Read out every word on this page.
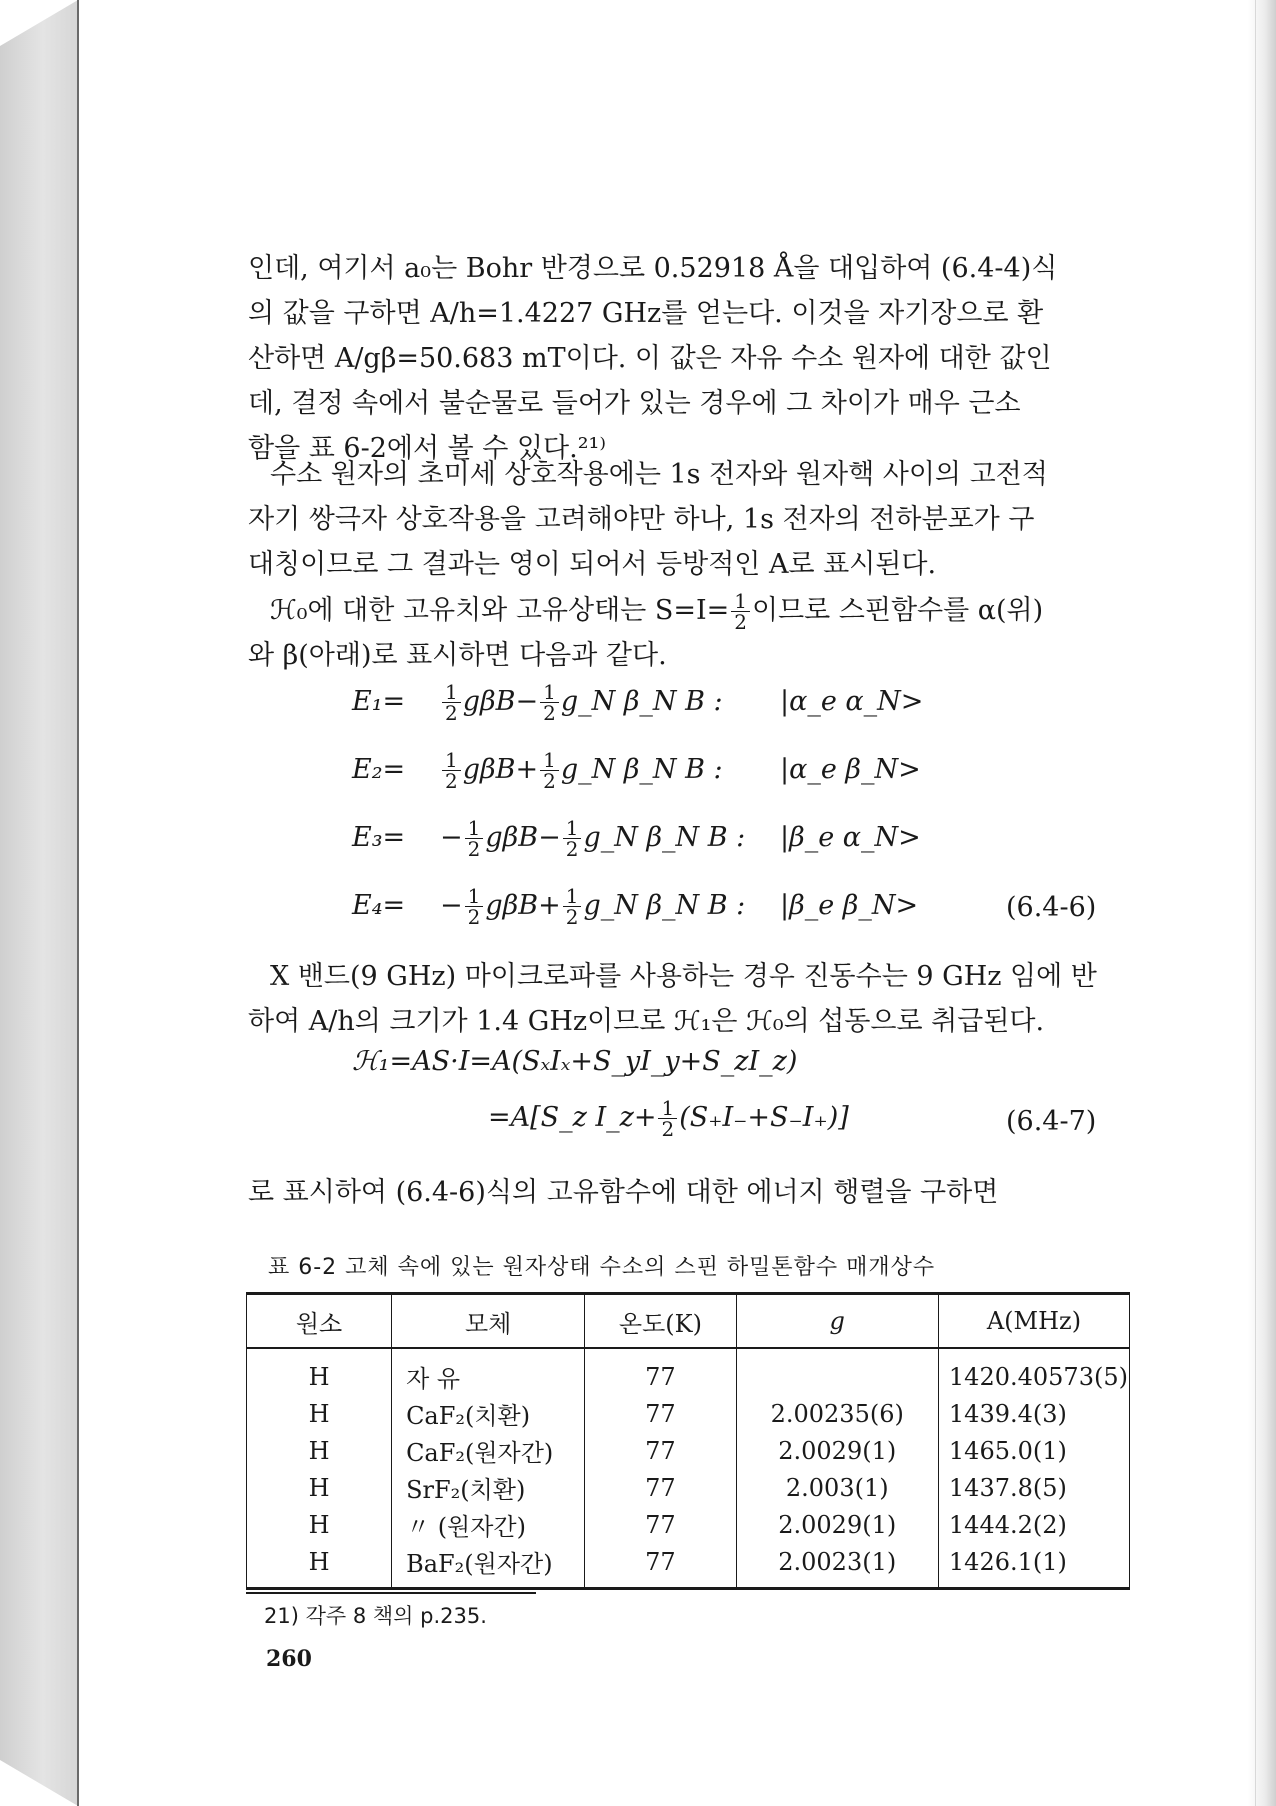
인데, 여기서 a₀는 Bohr 반경으로 0.52918 Å을 대입하여 (6.4-4)식
의 값을 구하면 A/h=1.4227 GHz를 얻는다. 이것을 자기장으로 환
산하면 A/gβ=50.683 mT이다. 이 값은 자유 수소 원자에 대한 값인
데, 결정 속에서 불순물로 들어가 있는 경우에 그 차이가 매우 근소
함을 표 6-2에서 볼 수 있다.²¹⁾
수소 원자의 초미세 상호작용에는 1s 전자와 원자핵 사이의 고전적
자기 쌍극자 상호작용을 고려해야만 하나, 1s 전자의 전하분포가 구
대칭이므로 그 결과는 영이 되어서 등방적인 A로 표시된다.
ℋ₀에 대한 고유치와 고유상태는 $S=I= \frac{1}{2}$ 이므로 스핀함수를 α(위)
와 β(아래)로 표시하면 다음과 같다.
(6.4-6)
X 밴드(9 GHz) 마이크로파를 사용하는 경우 진동수는 9 GHz 임에 반
하여 A/h의 크기가 1.4 GHz이므로 ℋ₁은 ℋ₀의 섭동으로 취급된다.
ℋ₁=AS·I=A(SₓIₓ+S_yI_y+S_zI_z)
=A[S_z I_z+ $\frac{1}{2} (S_+I_-+S_-I_+)$]	(6.4-7)
로 표시하여 (6.4-6)식의 고유함수에 대한 에너지 행렬을 구하면
표 6-2 고체 속에 있는 원자상태 수소의 스핀 하밀톤함수 매개상수
원소	모체	온도(K)	g	A(MHz)
H	자 유	77		1420.40573(5)
H	CaF₂(치환)	77	2.00235(6)	1439.4(3)
H	CaF₂(원자간)	77	2.0029(1)	1465.0(1)
H	SrF₂(치환)	77	2.003(1)	1437.8(5)
H	〃 (원자간)	77	2.0029(1)	1444.2(2)
H	BaF₂(원자간)	77	2.0023(1)	1426.1(1)
21) 각주 8 책의 p.235.
260
$E_1= \frac{1}{2} g\beta B- \frac{1}{2}$ g_N β_N B : |α_e α_N>
$E_2= \frac{1}{2} g\beta B+ \frac{1}{2}$ g_N β_N B : |α_e β_N>
$E_3= - \frac{1}{2} g\beta B- \frac{1}{2}$ g_N β_N B : |β_e α_N>
$E_4= - \frac{1}{2} g\beta B+ \frac{1}{2}$ g_N β_N B : |β_e β_N>
